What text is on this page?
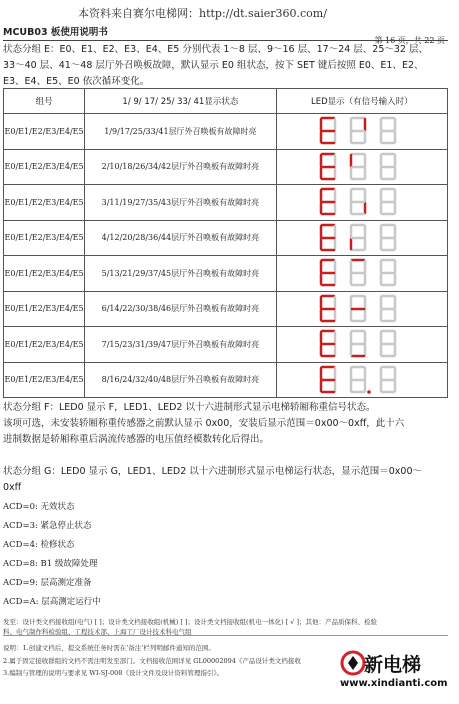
本资料来自赛尔电梯网：http://dt.saier360.com/
MCUB03 板使用说明书
第 16 页，共 22 页
状态分组 E：E0、E1、E2、E3、E4、E5 分别代表 1～8 层、9～16 层、17～24 层、25～32 层、
33～40 层、41～48 层厅外召唤板故障，默认显示 E0 组状态，按下 SET 键后按照 E0、E1、E2、
E3、E4、E5、E0 依次循环变化。
组号	1/ 9/ 17/ 25/ 33/ 41显示状态	LED显示（有信号输入时）
E0/E1/E2/E3/E4/E5	1/9/17/25/33/41层厅外召唤板有故障时亮	

E0/E1/E2/E3/E4/E5	2/10/18/26/34/42层厅外召唤板有故障时亮	

E0/E1/E2/E3/E4/E5	3/11/19/27/35/43层厅外召唤板有故障时亮	

E0/E1/E2/E3/E4/E5	4/12/20/28/36/44层厅外召唤板有故障时亮	

E0/E1/E2/E3/E4/E5	5/13/21/29/37/45层厅外召唤板有故障时亮	

E0/E1/E2/E3/E4/E5	6/14/22/30/38/46层厅外召唤板有故障时亮	

E0/E1/E2/E3/E4/E5	7/15/23/31/39/47层厅外召唤板有故障时亮	

E0/E1/E2/E3/E4/E5	8/16/24/32/40/48层厅外召唤板有故障时亮	
状态分组 F：LED0 显示 F，LED1、LED2 以十六进制形式显示电梯轿厢称重信号状态。
该项可选，未安装轿厢称重传感器之前默认显示 0x00，安装后显示范围＝0x00～0xff，此十六
进制数据是轿厢称重后涡流传感器的电压值经模数转化后得出。
状态分组 G：LED0 显示 G，LED1、LED2 以十六进制形式显示电梯运行状态，显示范围＝0x00～
0xff
ACD=0: 无效状态
ACD=3: 紧急停止状态
ACD=4: 检修状态
ACD=8: B1 级故障处理
ACD=9: 层高测定准备
ACD=A: 层高测定运行中
发至：设计类文档接收组(电气) [ ]；设计类文档接收组(机械) [ ]；设计类文档接收组(机电一体化) [ √ ]；其他：产品质保科、检验
科、电气制作科检验组、工程技术部、上海工厂设计技术科电气组
说明：1.创建文档后，提交系统任务时需在‘备注’栏列明邮件通知的范围。
2.属于固定接收群组的文档不需注明发至部门。文档接收范围详见 GL00002094《产品设计类文档接收
3.编制与管理的说明与要求见 WI-SJ-008《设计文件及设计资料管理指引》。	新电梯
www.xindianti.com
